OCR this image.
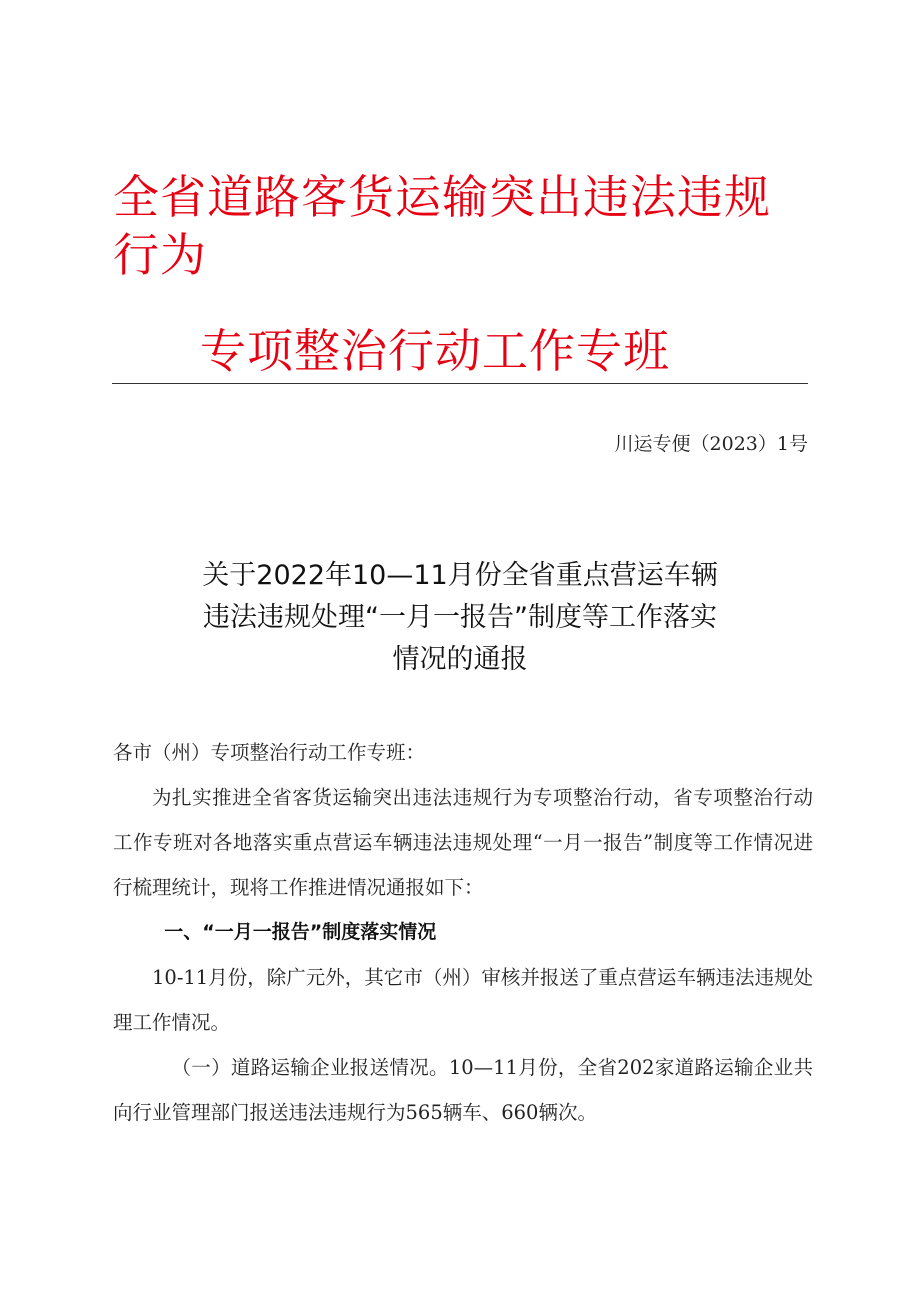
全省道路客货运输突出违法违规行为
专项整治行动工作专班
川运专便（2023）1号
关于2022年10—11月份全省重点营运车辆
违法违规处理“一月一报告”制度等工作落实
情况的通报

各市（州）专项整治行动工作专班：

为扎实推进全省客货运输突出违法违规行为专项整治行动，省专项整治行动工作专班对各地落实重点营运车辆违法违规处理“一月一报告”制度等工作情况进行梳理统计，现将工作推进情况通报如下：

一、“一月一报告”制度落实情况

10-11月份，除广元外，其它市（州）审核并报送了重点营运车辆违法违规处理工作情况。

（一）道路运输企业报送情况。10—11月份，全省202家道路运输企业共向行业管理部门报送违法违规行为565辆车、660辆次。
